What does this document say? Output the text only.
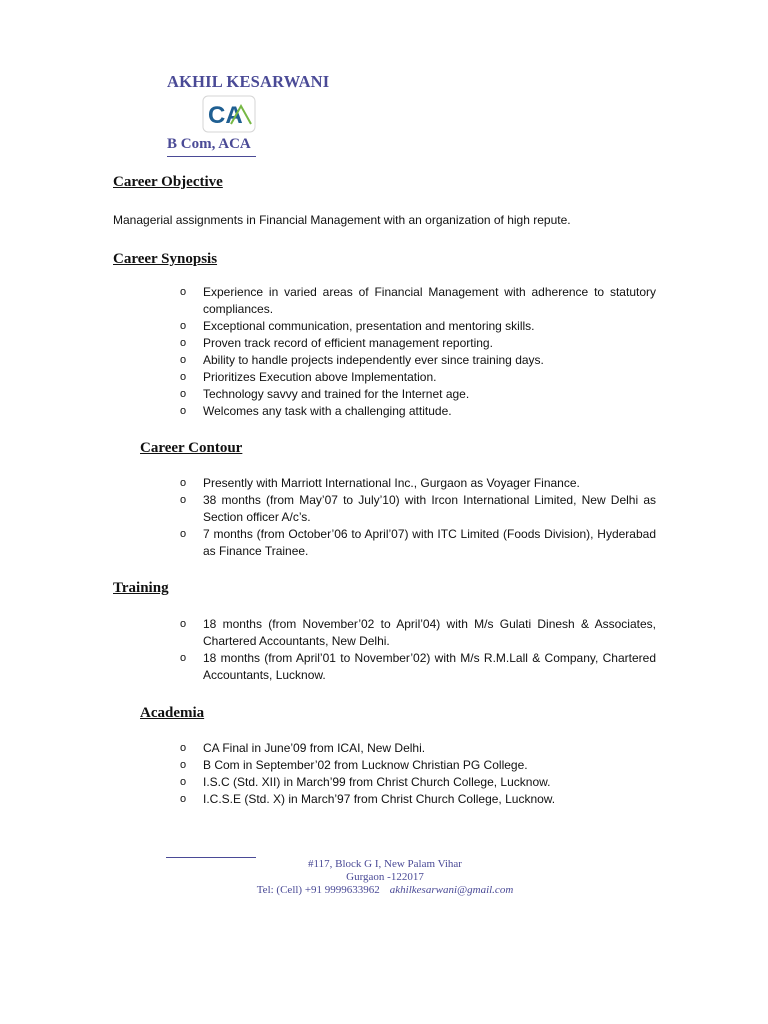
AKHIL KESARWANI
CA
B Com, ACA
Career Objective
Managerial assignments in Financial Management with an organization of high repute.
Career Synopsis
o Experience in varied areas of Financial Management with adherence to statutory compliances.
o Exceptional communication, presentation and mentoring skills.
o Proven track record of efficient management reporting.
o Ability to handle projects independently ever since training days.
o Prioritizes Execution above Implementation.
o Technology savvy and trained for the Internet age.
o Welcomes any task with a challenging attitude.
Career Contour
o Presently with Marriott International Inc., Gurgaon as Voyager Finance.
o 38 months (from May’07 to July’10) with Ircon International Limited, New Delhi as Section officer A/c’s.
o 7 months (from October’06 to April’07) with ITC Limited (Foods Division), Hyderabad as Finance Trainee.
Training
o 18 months (from November’02 to April’04) with M/s Gulati Dinesh & Associates, Chartered Accountants, New Delhi.
o 18 months (from April’01 to November’02) with M/s R.M.Lall & Company, Chartered Accountants, Lucknow.
Academia
o CA Final in June’09 from ICAI, New Delhi.
o B Com in September’02 from Lucknow Christian PG College.
o I.S.C (Std. XII) in March’99 from Christ Church College, Lucknow.
o I.C.S.E (Std. X) in March’97 from Christ Church College, Lucknow.
#117, Block G I, New Palam Vihar
Gurgaon -122017
Tel: (Cell) +91 9999633962 akhilkesarwani@gmail.com
